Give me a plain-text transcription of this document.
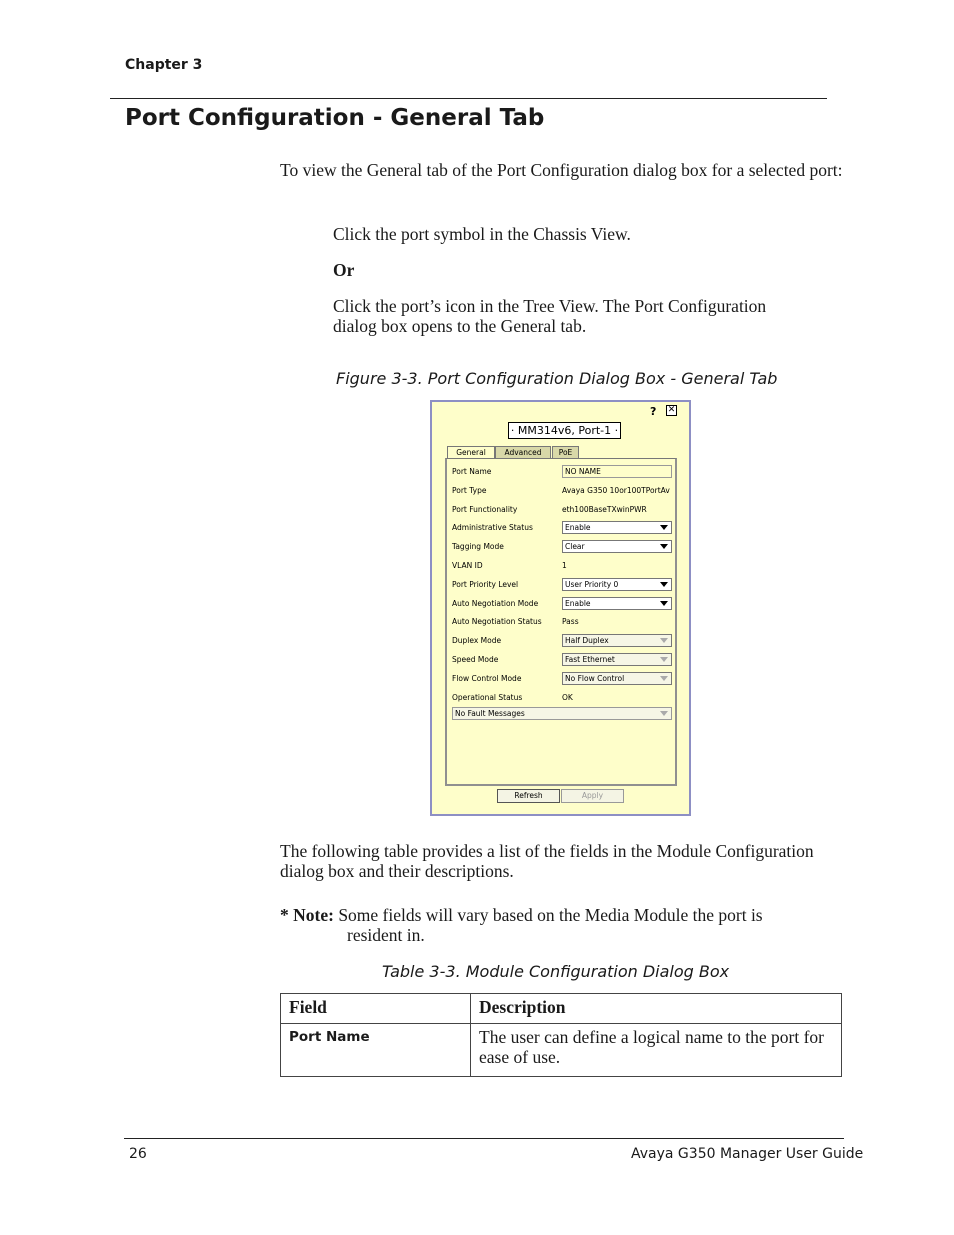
Chapter 3
Port Configuration - General Tab

To view the General tab of the Port Configuration dialog box for a selected port:

Click the port symbol in the Chassis View.

Or

Click the port’s icon in the Tree View. The Port Configuration dialog box opens to the General tab.

Figure 3-3. Port Configuration Dialog Box - General Tab
?	✕
· MM314v6, Port-1 ·
General	Advanced	PoE
Port Name	NO NAME
Port Type	Avaya G350 10or100TPortAv
Port Functionality	eth100BaseTXwinPWR
Administrative Status	Enable
Tagging Mode	Clear
VLAN ID	1
Port Priority Level	User Priority 0
Auto Negotiation Mode	Enable
Auto Negotiation Status	Pass
Duplex Mode	Half Duplex
Speed Mode	Fast Ethernet
Flow Control Mode	No Flow Control
Operational Status	OK
No Fault Messages
Refresh	Apply

The following table provides a list of the fields in the Module Configuration dialog box and their descriptions.

* Note: Some fields will vary based on the Media Module the port is
resident in.

Table 3-3. Module Configuration Dialog Box
Field	Description
Port Name	The user can define a logical name to the port for ease of use.
26	Avaya G350 Manager User Guide
